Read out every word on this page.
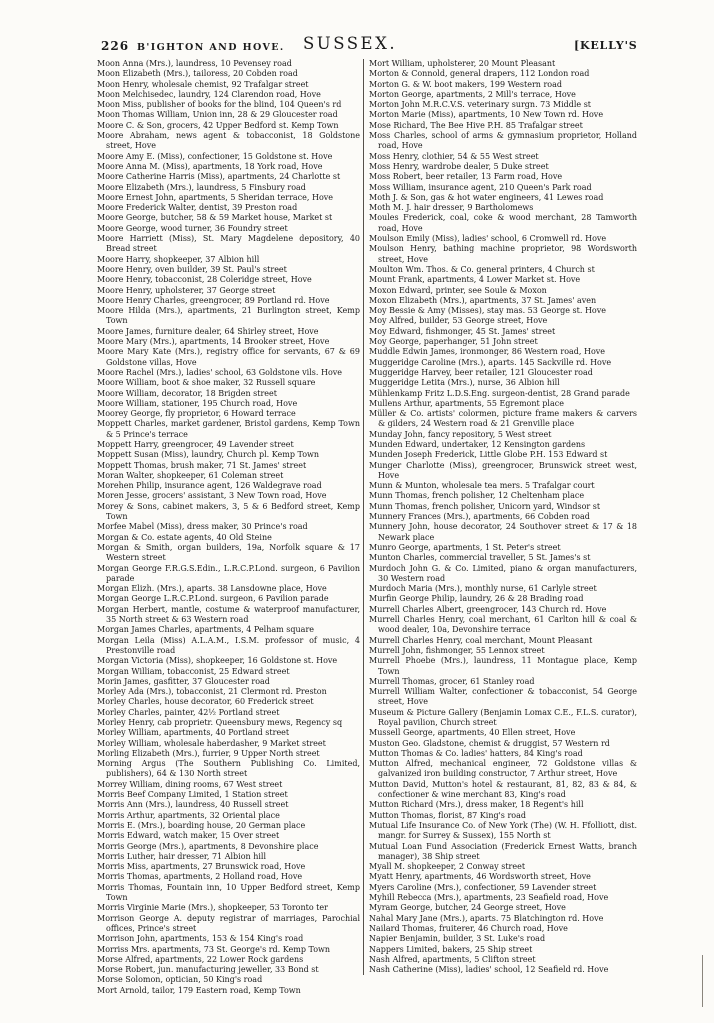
226 B'IGHTON AND HOVE. SUSSEX.	[KELLY'S
Moon Anna (Mrs.), laundress, 10 Pevensey road
Moon Elizabeth (Mrs.), tailoress, 20 Cobden road
Moon Henry, wholesale chemist, 92 Trafalgar street
Moon Melchisedec, laundry, 124 Clarendon road, Hove
Moon Miss, publisher of books for the blind, 104 Queen's rd
Moon Thomas William, Union inn, 28 & 29 Gloucester road
Moore C. & Son, grocers, 42 Upper Bedford st. Kemp Town
Moore Abraham, news agent & tobacconist, 18 Goldstone street, Hove
Moore Amy E. (Miss), confectioner, 15 Goldstone st. Hove
Moore Anna M. (Miss), apartments, 18 York road, Hove
Moore Catherine Harris (Miss), apartments, 24 Charlotte st
Moore Elizabeth (Mrs.), laundress, 5 Finsbury road
Moore Ernest John, apartments, 5 Sheridan terrace, Hove
Moore Frederick Walter, dentist, 39 Preston road
Moore George, butcher, 58 & 59 Market house, Market st
Moore George, wood turner, 36 Foundry street
Moore Harriett (Miss), St. Mary Magdelene depository, 40 Bread street
Moore Harry, shopkeeper, 37 Albion hill
Moore Henry, oven builder, 39 St. Paul's street
Moore Henry, tobacconist, 28 Coleridge street, Hove
Moore Henry, upholsterer, 37 George street
Moore Henry Charles, greengrocer, 89 Portland rd. Hove
Moore Hilda (Mrs.), apartments, 21 Burlington street, Kemp Town
Moore James, furniture dealer, 64 Shirley street, Hove
Moore Mary (Mrs.), apartments, 14 Brooker street, Hove
Moore Mary Kate (Mrs.), registry office for servants, 67 & 69 Goldstone villas, Hove
Moore Rachel (Mrs.), ladies' school, 63 Goldstone vils. Hove
Moore William, boot & shoe maker, 32 Russell square
Moore William, decorator, 18 Brigden street
Moore William, stationer, 195 Church road, Hove
Moorey George, fly proprietor, 6 Howard terrace
Moppett Charles, market gardener, Bristol gardens, Kemp Town & 5 Prince's terrace
Moppett Harry, greengrocer, 49 Lavender street
Moppett Susan (Miss), laundry, Church pl. Kemp Town
Moppett Thomas, brush maker, 71 St. James' street
Moran Walter, shopkeeper, 61 Coleman street
Morehen Philip, insurance agent, 126 Waldegrave road
Moren Jesse, grocers' assistant, 3 New Town road, Hove
Morey & Sons, cabinet makers, 3, 5 & 6 Bedford street, Kemp Town
Morfee Mabel (Miss), dress maker, 30 Prince's road
Morgan & Co. estate agents, 40 Old Steine
Morgan & Smith, organ builders, 19a, Norfolk square & 17 Western street
Morgan George F.R.G.S.Edin., L.R.C.P.Lond. surgeon, 6 Pavilion parade
Morgan Elizh. (Mrs.), aparts. 38 Lansdowne place, Hove
Morgan George L.R.C.P.Lond. surgeon, 6 Pavilion parade
Morgan Herbert, mantle, costume & waterproof manufacturer, 35 North street & 63 Western road
Morgan James Charles, apartments, 4 Pelham square
Morgan Leila (Miss) A.L.A.M., I.S.M. professor of music, 4 Prestonville road
Morgan Victoria (Miss), shopkeeper, 16 Goldstone st. Hove
Morgan William, tobacconist, 25 Edward street
Morin James, gasfitter, 37 Gloucester road
Morley Ada (Mrs.), tobacconist, 21 Clermont rd. Preston
Morley Charles, house decorator, 60 Frederick street
Morley Charles, painter, 42½ Portland street
Morley Henry, cab proprietr. Queensbury mews, Regency sq
Morley William, apartments, 40 Portland street
Morley William, wholesale haberdasher, 9 Market street
Morling Elizabeth (Mrs.), furrier, 9 Upper North street
Morning Argus (The Southern Publishing Co. Limited, publishers), 64 & 130 North street
Morrey William, dining rooms, 67 West street
Morris Beef Company Limited, 1 Station street
Morris Ann (Mrs.), laundress, 40 Russell street
Morris Arthur, apartments, 32 Oriental place
Morris E. (Mrs.), boarding house, 20 German place
Morris Edward, watch maker, 15 Over street
Morris George (Mrs.), apartments, 8 Devonshire place
Morris Luther, hair dresser, 71 Albion hill
Morris Miss, apartments, 27 Brunswick road, Hove
Morris Thomas, apartments, 2 Holland road, Hove
Morris Thomas, Fountain inn, 10 Upper Bedford street, Kemp Town
Morris Virginie Marie (Mrs.), shopkeeper, 53 Toronto ter
Morrison George A. deputy registrar of marriages, Parochial offices, Prince's street
Morrison John, apartments, 153 & 154 King's road
Morriss Mrs. apartments, 73 St. George's rd. Kemp Town
Morse Alfred, apartments, 22 Lower Rock gardens
Morse Robert, jun. manufacturing jeweller, 33 Bond st
Morse Solomon, optician, 50 King's road
Mort Arnold, tailor, 179 Eastern road, Kemp Town
Mort William, upholsterer, 20 Mount Pleasant
Morton & Connold, general drapers, 112 London road
Morton G. & W. boot makers, 199 Western road
Morton George, apartments, 2 Mill's terrace, Hove
Morton John M.R.C.V.S. veterinary surgn. 73 Middle st
Morton Marie (Miss), apartments, 10 New Town rd. Hove
Mose Richard, The Bee Hive P.H. 85 Trafalgar street
Moss Charles, school of arms & gymnasium proprietor, Holland road, Hove
Moss Henry, clothier, 54 & 55 West street
Moss Henry, wardrobe dealer, 5 Duke street
Moss Robert, beer retailer, 13 Farm road, Hove
Moss William, insurance agent, 210 Queen's Park road
Moth J. & Son, gas & hot water engineers, 41 Lewes road
Moth M. J. hair dresser, 9 Bartholomews
Moules Frederick, coal, coke & wood merchant, 28 Tamworth road, Hove
Moulson Emily (Miss), ladies' school, 6 Cromwell rd. Hove
Moulson Henry, bathing machine proprietor, 98 Wordsworth street, Hove
Moulton Wm. Thos. & Co. general printers, 4 Church st
Mount Frank, apartments, 4 Lower Market st. Hove
Moxon Edward, printer, see Soule & Moxon
Moxon Elizabeth (Mrs.), apartments, 37 St. James' aven
Moy Bessie & Amy (Misses), stay mas. 53 George st. Hove
Moy Alfred, builder, 53 George street, Hove
Moy Edward, fishmonger, 45 St. James' street
Moy George, paperhanger, 51 John street
Muddle Edwin James, ironmonger, 86 Western road, Hove
Muggeridge Caroline (Mrs.), aparts. 145 Sackville rd. Hove
Muggeridge Harvey, beer retailer, 121 Gloucester road
Muggeridge Letita (Mrs.), nurse, 36 Albion hill
Mühlenkamp Fritz L.D.S.Eng. surgeon-dentist, 28 Grand parade
Mullens Arthur, apartments, 55 Egremont place
Müller & Co. artists' colormen, picture frame makers & carvers & gilders, 24 Western road & 21 Grenville place
Munday John, fancy repository, 5 West street
Munden Edward, undertaker, 12 Kensington gardens
Munden Joseph Frederick, Little Globe P.H. 153 Edward st
Munger Charlotte (Miss), greengrocer, Brunswick street west, Hove
Munn & Munton, wholesale tea mers. 5 Trafalgar court
Munn Thomas, french polisher, 12 Cheltenham place
Munn Thomas, french polisher, Unicorn yard, Windsor st
Munnery Frances (Mrs.), apartments, 66 Cobden road
Munnery John, house decorator, 24 Southover street & 17 & 18 Newark place
Munro George, apartments, 1 St. Peter's street
Munton Charles, commercial traveller, 5 St. James's st
Murdoch John G. & Co. Limited, piano & organ manufacturers, 30 Western road
Murdoch Maria (Mrs.), monthly nurse, 61 Carlyle street
Murfin George Philip, laundry, 26 & 28 Brading road
Murrell Charles Albert, greengrocer, 143 Church rd. Hove
Murrell Charles Henry, coal merchant, 61 Carlton hill & coal & wood dealer, 10a, Devonshire terrace
Murrell Charles Henry, coal merchant, Mount Pleasant
Murrell John, fishmonger, 55 Lennox street
Murrell Phoebe (Mrs.), laundress, 11 Montague place, Kemp Town
Murrell Thomas, grocer, 61 Stanley road
Murrell William Walter, confectioner & tobacconist, 54 George street, Hove
Museum & Picture Gallery (Benjamin Lomax C.E., F.L.S. curator), Royal pavilion, Church street
Mussell George, apartments, 40 Ellen street, Hove
Muston Geo. Gladstone, chemist & druggist, 57 Western rd
Mutton Thomas & Co. ladies' hatters, 84 King's road
Mutton Alfred, mechanical engineer, 72 Goldstone villas & galvanized iron building constructor, 7 Arthur street, Hove
Mutton David, Mutton's hotel & restaurant, 81, 82, 83 & 84, & confectioner & wine merchant 83, King's road
Mutton Richard (Mrs.), dress maker, 18 Regent's hill
Mutton Thomas, florist, 87 King's road
Mutual Life Insurance Co. of New York (The) (W. H. Ffolliott, dist. mangr. for Surrey & Sussex), 155 North st
Mutual Loan Fund Association (Frederick Ernest Watts, branch manager), 38 Ship street
Myall M. shopkeeper, 2 Conway street
Myatt Henry, apartments, 46 Wordsworth street, Hove
Myers Caroline (Mrs.), confectioner, 59 Lavender street
Myhill Rebecca (Mrs.), apartments, 23 Seafield road, Hove
Myram George, butcher, 24 George street, Hove
Nahal Mary Jane (Mrs.), aparts. 75 Blatchington rd. Hove
Nailard Thomas, fruiterer, 46 Church road, Hove
Napier Benjamin, builder, 3 St. Luke's road
Nappers Limited, bakers, 25 Ship street
Nash Alfred, apartments, 5 Clifton street
Nash Catherine (Miss), ladies' school, 12 Seafield rd. Hove
